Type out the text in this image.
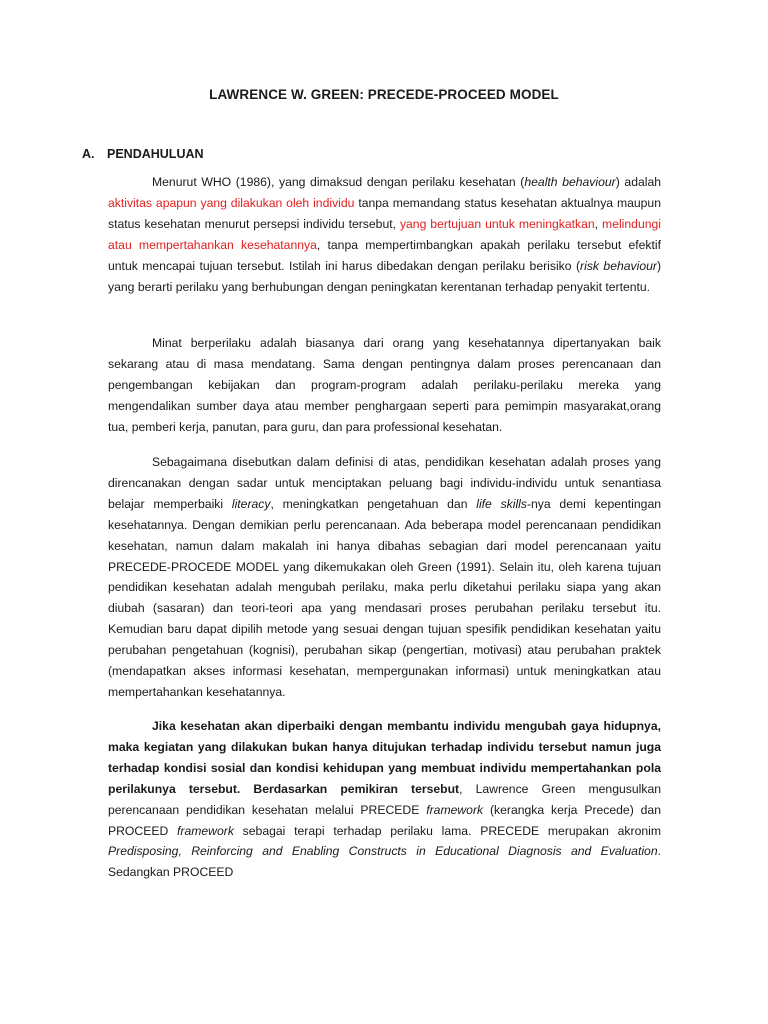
LAWRENCE W. GREEN: PRECEDE-PROCEED MODEL
A. PENDAHULUAN

Menurut WHO (1986), yang dimaksud dengan perilaku kesehatan (health behaviour) adalah aktivitas apapun yang dilakukan oleh individu tanpa memandang status kesehatan aktualnya maupun status kesehatan menurut persepsi individu tersebut, yang bertujuan untuk meningkatkan, melindungi atau mempertahankan kesehatannya, tanpa mempertimbangkan apakah perilaku tersebut efektif untuk mencapai tujuan tersebut. Istilah ini harus dibedakan dengan perilaku berisiko (risk behaviour) yang berarti perilaku yang berhubungan dengan peningkatan kerentanan terhadap penyakit tertentu.

Minat berperilaku adalah biasanya dari orang yang kesehatannya dipertanyakan baik sekarang atau di masa mendatang. Sama dengan pentingnya dalam proses perencanaan dan pengembangan kebijakan dan program-program adalah perilaku-perilaku mereka yang mengendalikan sumber daya atau member penghargaan seperti para pemimpin masyarakat,orang tua, pemberi kerja, panutan, para guru, dan para professional kesehatan.

Sebagaimana disebutkan dalam definisi di atas, pendidikan kesehatan adalah proses yang direncanakan dengan sadar untuk menciptakan peluang bagi individu-individu untuk senantiasa belajar memperbaiki literacy, meningkatkan pengetahuan dan life skills-nya demi kepentingan kesehatannya. Dengan demikian perlu perencanaan. Ada beberapa model perencanaan pendidikan kesehatan, namun dalam makalah ini hanya dibahas sebagian dari model perencanaan yaitu PRECEDE-PROCEDE MODEL yang dikemukakan oleh Green (1991). Selain itu, oleh karena tujuan pendidikan kesehatan adalah mengubah perilaku, maka perlu diketahui perilaku siapa yang akan diubah (sasaran) dan teori-teori apa yang mendasari proses perubahan perilaku tersebut itu. Kemudian baru dapat dipilih metode yang sesuai dengan tujuan spesifik pendidikan kesehatan yaitu perubahan pengetahuan (kognisi), perubahan sikap (pengertian, motivasi) atau perubahan praktek (mendapatkan akses informasi kesehatan, mempergunakan informasi) untuk meningkatkan atau mempertahankan kesehatannya.

Jika kesehatan akan diperbaiki dengan membantu individu mengubah gaya hidupnya, maka kegiatan yang dilakukan bukan hanya ditujukan terhadap individu tersebut namun juga terhadap kondisi sosial dan kondisi kehidupan yang membuat individu mempertahankan pola perilakunya tersebut. Berdasarkan pemikiran tersebut, Lawrence Green mengusulkan perencanaan pendidikan kesehatan melalui PRECEDE framework (kerangka kerja Precede) dan PROCEED framework sebagai terapi terhadap perilaku lama. PRECEDE merupakan akronim Predisposing, Reinforcing and Enabling Constructs in Educational Diagnosis and Evaluation. Sedangkan PROCEED
